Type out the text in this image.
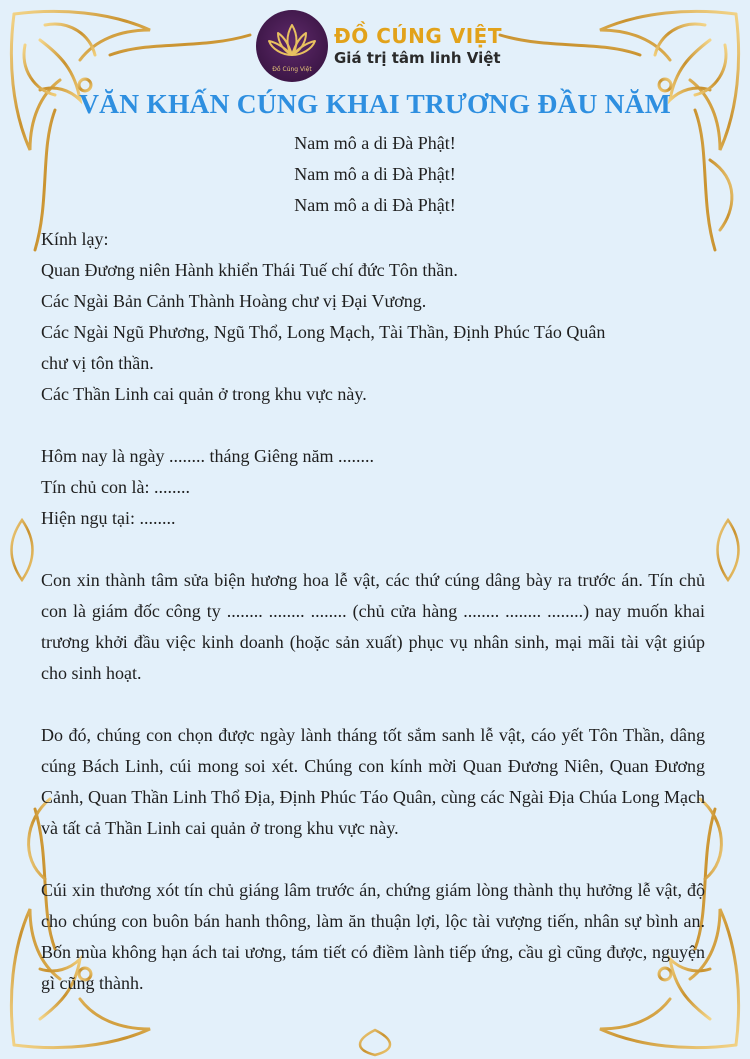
Đồ Cúng Việt
ĐỒ CÚNG VIỆT
Giá trị tâm linh Việt
VĂN KHẤN CÚNG KHAI TRƯƠNG ĐẦU NĂM
Nam mô a di Đà Phật!
Nam mô a di Đà Phật!
Nam mô a di Đà Phật!

Kính lạy:

Quan Đương niên Hành khiển Thái Tuế chí đức Tôn thần.

Các Ngài Bản Cảnh Thành Hoàng chư vị Đại Vương.

Các Ngài Ngũ Phương, Ngũ Thổ, Long Mạch, Tài Thần, Định Phúc Táo Quân

chư vị tôn thần.

Các Thần Linh cai quản ở trong khu vực này.

Hôm nay là ngày ........ tháng Giêng năm ........

Tín chủ con là: ........

Hiện ngụ tại: ........

Con xin thành tâm sửa biện hương hoa lễ vật, các thứ cúng dâng bày ra trước án. Tín chủ con là giám đốc công ty ........ ........ ........ (chủ cửa hàng ........ ........ ........) nay muốn khai trương khởi đầu việc kinh doanh (hoặc sản xuất) phục vụ nhân sinh, mại mãi tài vật giúp cho sinh hoạt.

Do đó, chúng con chọn được ngày lành tháng tốt sắm sanh lễ vật, cáo yết Tôn Thần, dâng cúng Bách Linh, cúi mong soi xét. Chúng con kính mời Quan Đương Niên, Quan Đương Cảnh, Quan Thần Linh Thổ Địa, Định Phúc Táo Quân, cùng các Ngài Địa Chúa Long Mạch và tất cả Thần Linh cai quản ở trong khu vực này.

Cúi xin thương xót tín chủ giáng lâm trước án, chứng giám lòng thành thụ hưởng lễ vật, độ cho chúng con buôn bán hanh thông, làm ăn thuận lợi, lộc tài vượng tiến, nhân sự bình an. Bốn mùa không hạn ách tai ương, tám tiết có điềm lành tiếp ứng, cầu gì cũng được, nguyện gì cũng thành.
